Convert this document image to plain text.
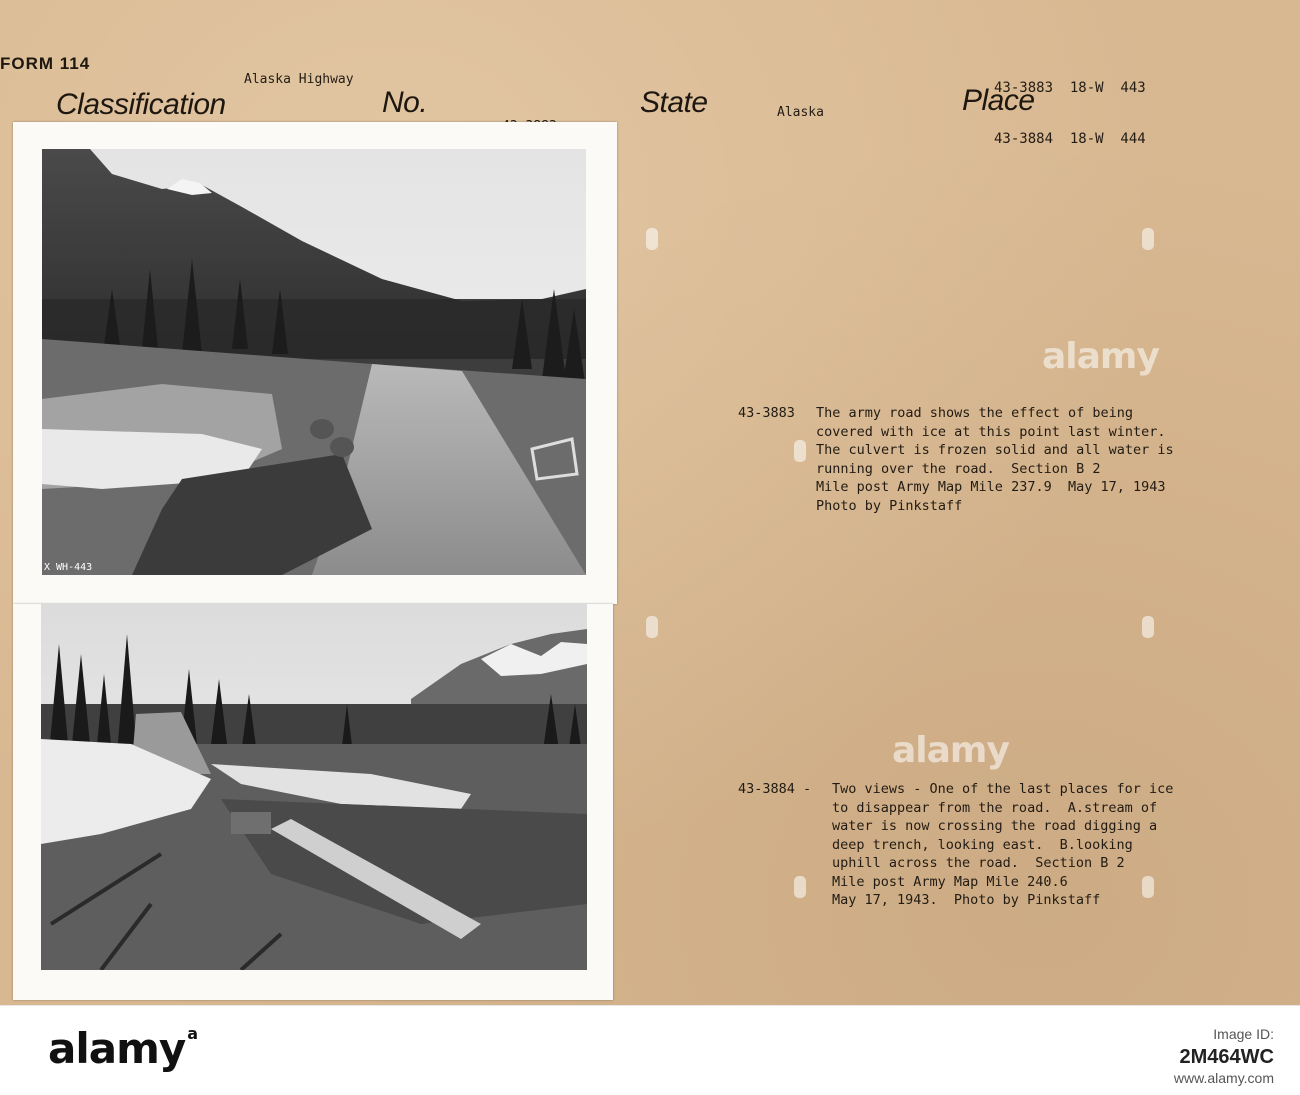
FORM 114
Classification	No.	State	Place
Alaska Highway

Alaska

43-3883  18-W  443

43-3884  18-W  444

X WH-443
43-3883 The army road shows the effect of being
covered with ice at this point last winter.
The culvert is frozen solid and all water is
running over the road.  Section B 2
Mile post Army Map Mile 237.9  May 17, 1943
Photo by Pinkstaff
43-3884 - Two views - One of the last places for ice
to disappear from the road.  A.stream of
water is now crossing the road digging a
deep trench, looking east.  B.looking
uphill across the road.  Section B 2
Mile post Army Map Mile 240.6
May 17, 1943.  Photo by Pinkstaff
alamy
alamy
alamy $^a$	Image ID:
2M464WC
www.alamy.com
